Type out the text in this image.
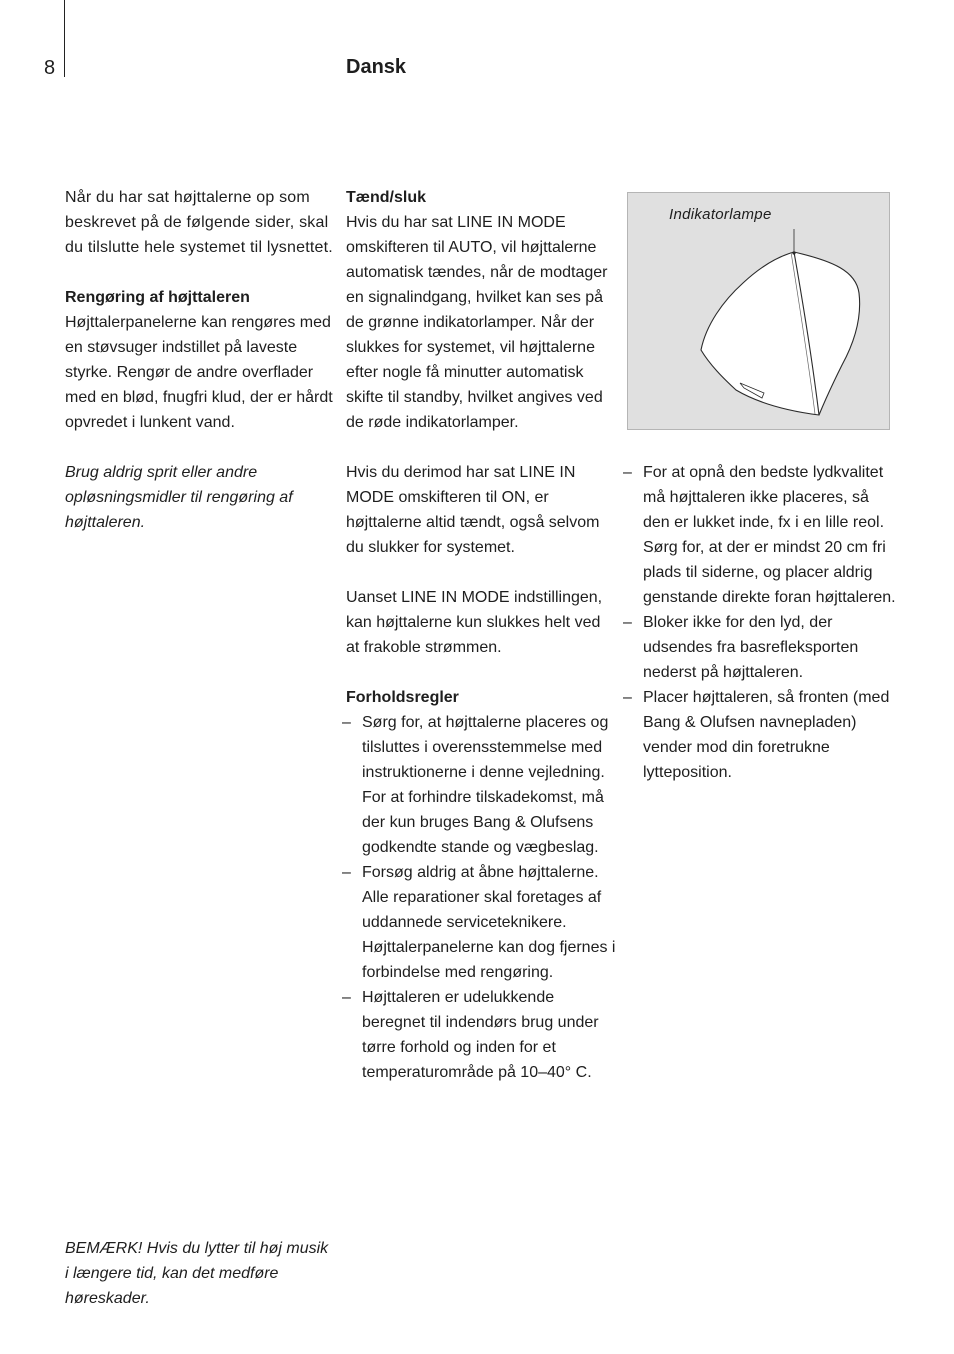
8	Dansk

Når du har sat højttalerne op som beskrevet på de følgende sider, skal du tilslutte hele systemet til lysnettet.

Rengøring af højttaleren

Højttalerpanelerne kan rengøres med en støvsuger indstillet på laveste styrke. Rengør de andre overflader med en blød, fnugfri klud, der er hårdt opvredet i lunkent vand.

Brug aldrig sprit eller andre opløsningsmidler til rengøring af højttaleren.

BEMÆRK! Hvis du lytter til høj musik i længere tid, kan det medføre høreskader.
Tænd/sluk

Hvis du har sat LINE IN MODE omskifteren til AUTO, vil højttalerne automatisk tændes, når de modtager en signalindgang, hvilket kan ses på de grønne indikatorlamper. Når der slukkes for systemet, vil højttalerne efter nogle få minutter automatisk skifte til standby, hvilket angives ved de røde indikatorlamper.

Hvis du derimod har sat LINE IN MODE omskifteren til ON, er højttalerne altid tændt, også selvom du slukker for systemet.

Uanset LINE IN MODE indstillingen, kan højttalerne kun slukkes helt ved at frakoble strømmen.

Forholdsregler
– Sørg for, at højttalerne placeres og tilsluttes i overensstemmelse med instruktionerne i denne vejledning. For at forhindre tilskadekomst, må der kun bruges Bang & Olufsens godkendte stande og vægbeslag.
– Forsøg aldrig at åbne højttalerne. Alle reparationer skal foretages af uddannede serviceteknikere. Højttalerpanelerne kan dog fjernes i forbindelse med rengøring.
– Højttaleren er udelukkende beregnet til indendørs brug under tørre forhold og inden for et temperaturområde på 10–40° C.
Indikatorlampe
– For at opnå den bedste lydkvalitet må højttaleren ikke placeres, så den er lukket inde, fx i en lille reol. Sørg for, at der er mindst 20 cm fri plads til siderne, og placer aldrig genstande direkte foran højttaleren.
– Bloker ikke for den lyd, der udsendes fra basrefleksporten nederst på højttaleren.
– Placer højttaleren, så fronten (med Bang & Olufsen navnepladen) vender mod din foretrukne lytteposition.
